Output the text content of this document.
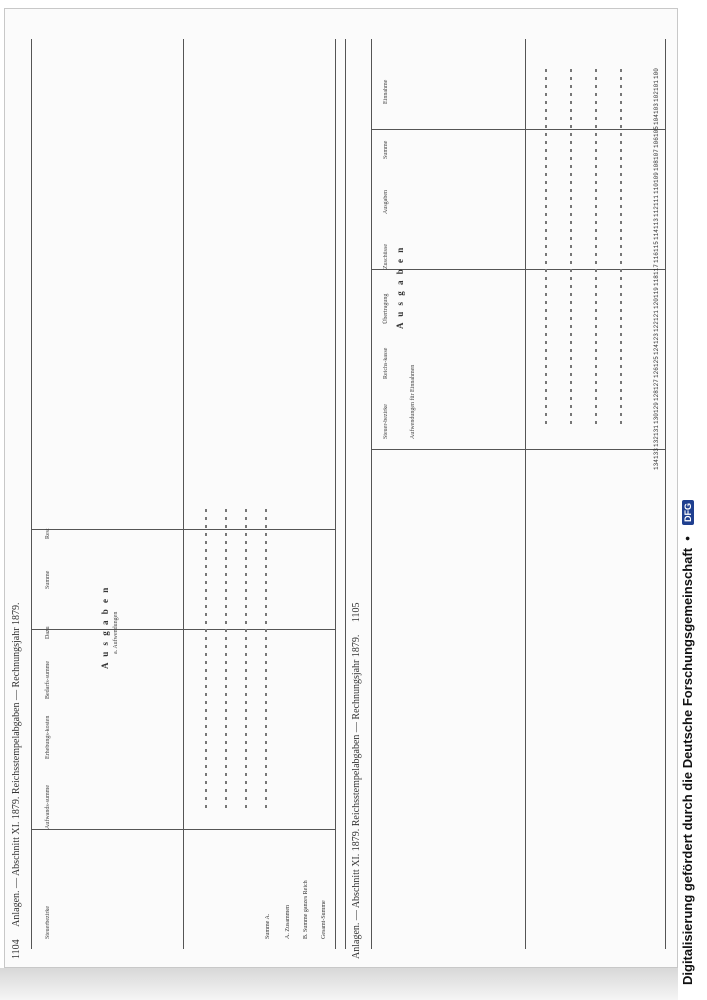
1104     Anlagen. — Abschnitt XI. 1879. Reichsstempelabgaben — Rechnungsjahr 1879.	A u s g a b e n a. Aufwendungen
Steuerbezirke
Aufwands-summe
Erhebungs-kosten
Bedarfs-summe
Dazu
Summe
Rest
Summe A. A. Zusammen B. Summe ganzes Reich Gesamt-Summe Anlagen. — Abschnitt XI. 1879. Reichsstempelabgaben — Rechnungsjahr 1879.     1105
A u s g a b e n
Aufwendungen für Einnahmen
Steuer-bezirke
Reichs-kasse
Übertragung
Zuschüsse
Ausgaben
Summe
Einnahme
100
101
102
103
104
105
106
107
108
109
110
111
112
113
114
115
116
117
118
119
120
121
122
123
124
125
126
127
128
129
130
131
132
133
134
Digitalisierung gefördert durch die Deutsche Forschungsgemeinschaft  •  DFG
